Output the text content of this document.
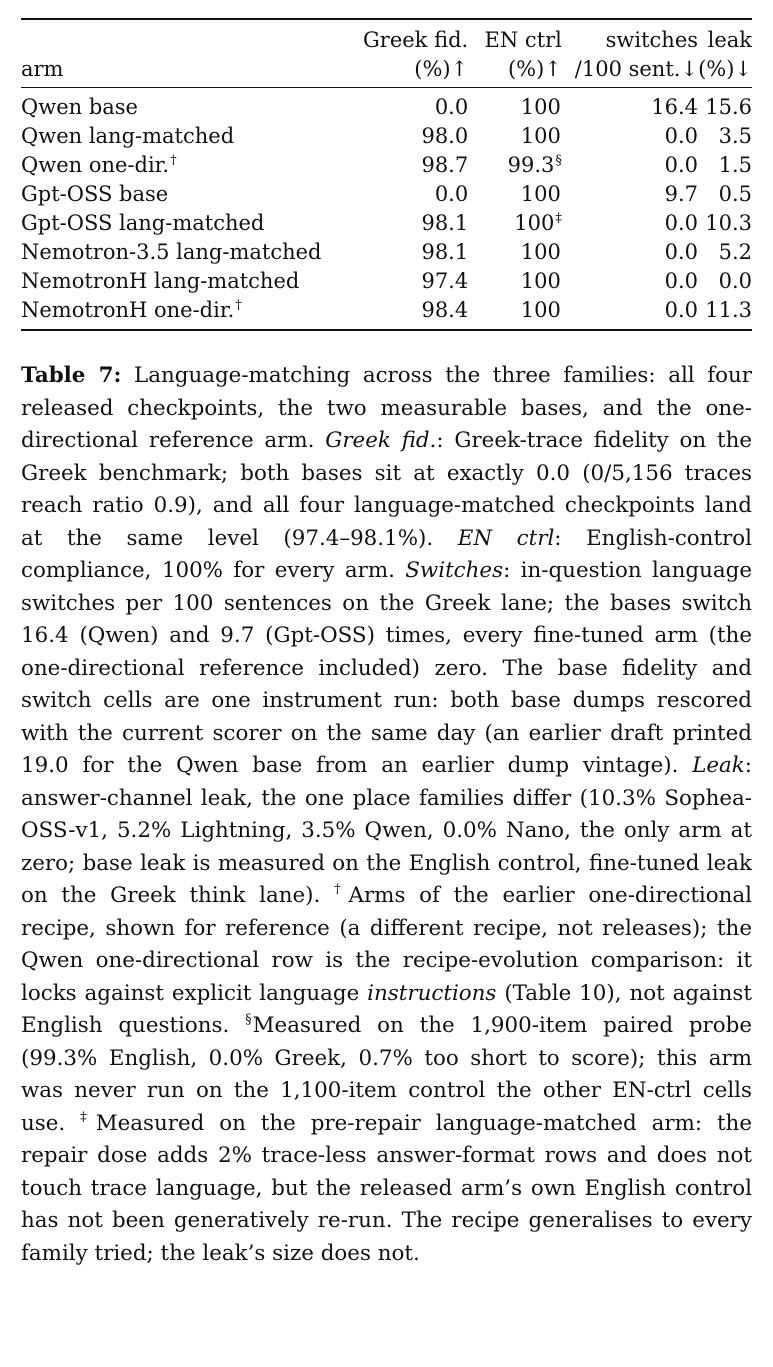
	Greek fid.	EN ctrl	switches	leak
arm	(%)↑	(%)↑	/100 sent.↓	(%)↓
Qwen base	0.0	100	16.4	15.6
Qwen lang-matched	98.0	100	0.0	3.5
Qwen one-dir.†	98.7	99.3§	0.0	1.5
Gpt-OSS base	0.0	100	9.7	0.5
Gpt-OSS lang-matched	98.1	100‡	0.0	10.3
Nemotron-3.5 lang-matched	98.1	100	0.0	5.2
NemotronH lang-matched	97.4	100	0.0	0.0
NemotronH one-dir.†	98.4	100	0.0	11.3

Table 7: Language-matching across the three families: all four released checkpoints, the two measurable bases, and the one-directional reference arm. Greek fid.: Greek-trace fidelity on the Greek benchmark; both bases sit at exactly 0.0 (0/5,156 traces reach ratio 0.9), and all four language-matched checkpoints land at the same level (97.4–98.1%). EN ctrl: English-control compliance, 100% for every arm. Switches: in-question language switches per 100 sentences on the Greek lane; the bases switch 16.4 (Qwen) and 9.7 (Gpt-OSS) times, every fine-tuned arm (the one-directional reference included) zero. The base fidelity and switch cells are one instrument run: both base dumps rescored with the current scorer on the same day (an earlier draft printed 19.0 for the Qwen base from an earlier dump vintage). Leak: answer-channel leak, the one place families differ (10.3% Sophea-OSS-v1, 5.2% Lightning, 3.5% Qwen, 0.0% Nano, the only arm at zero; base leak is measured on the English control, fine-tuned leak on the Greek think lane). †Arms of the earlier one-directional recipe, shown for reference (a different recipe, not releases); the Qwen one-directional row is the recipe-evolution comparison: it locks against explicit language instructions (Table 10), not against English questions. §Measured on the 1,900-item paired probe (99.3% English, 0.0% Greek, 0.7% too short to score); this arm was never run on the 1,100-item control the other EN-ctrl cells use. ‡Measured on the pre-repair language-matched arm: the repair dose adds 2% trace-less answer-format rows and does not touch trace language, but the released arm’s own English control has not been generatively re-run. The recipe generalises to every family tried; the leak’s size does not.
